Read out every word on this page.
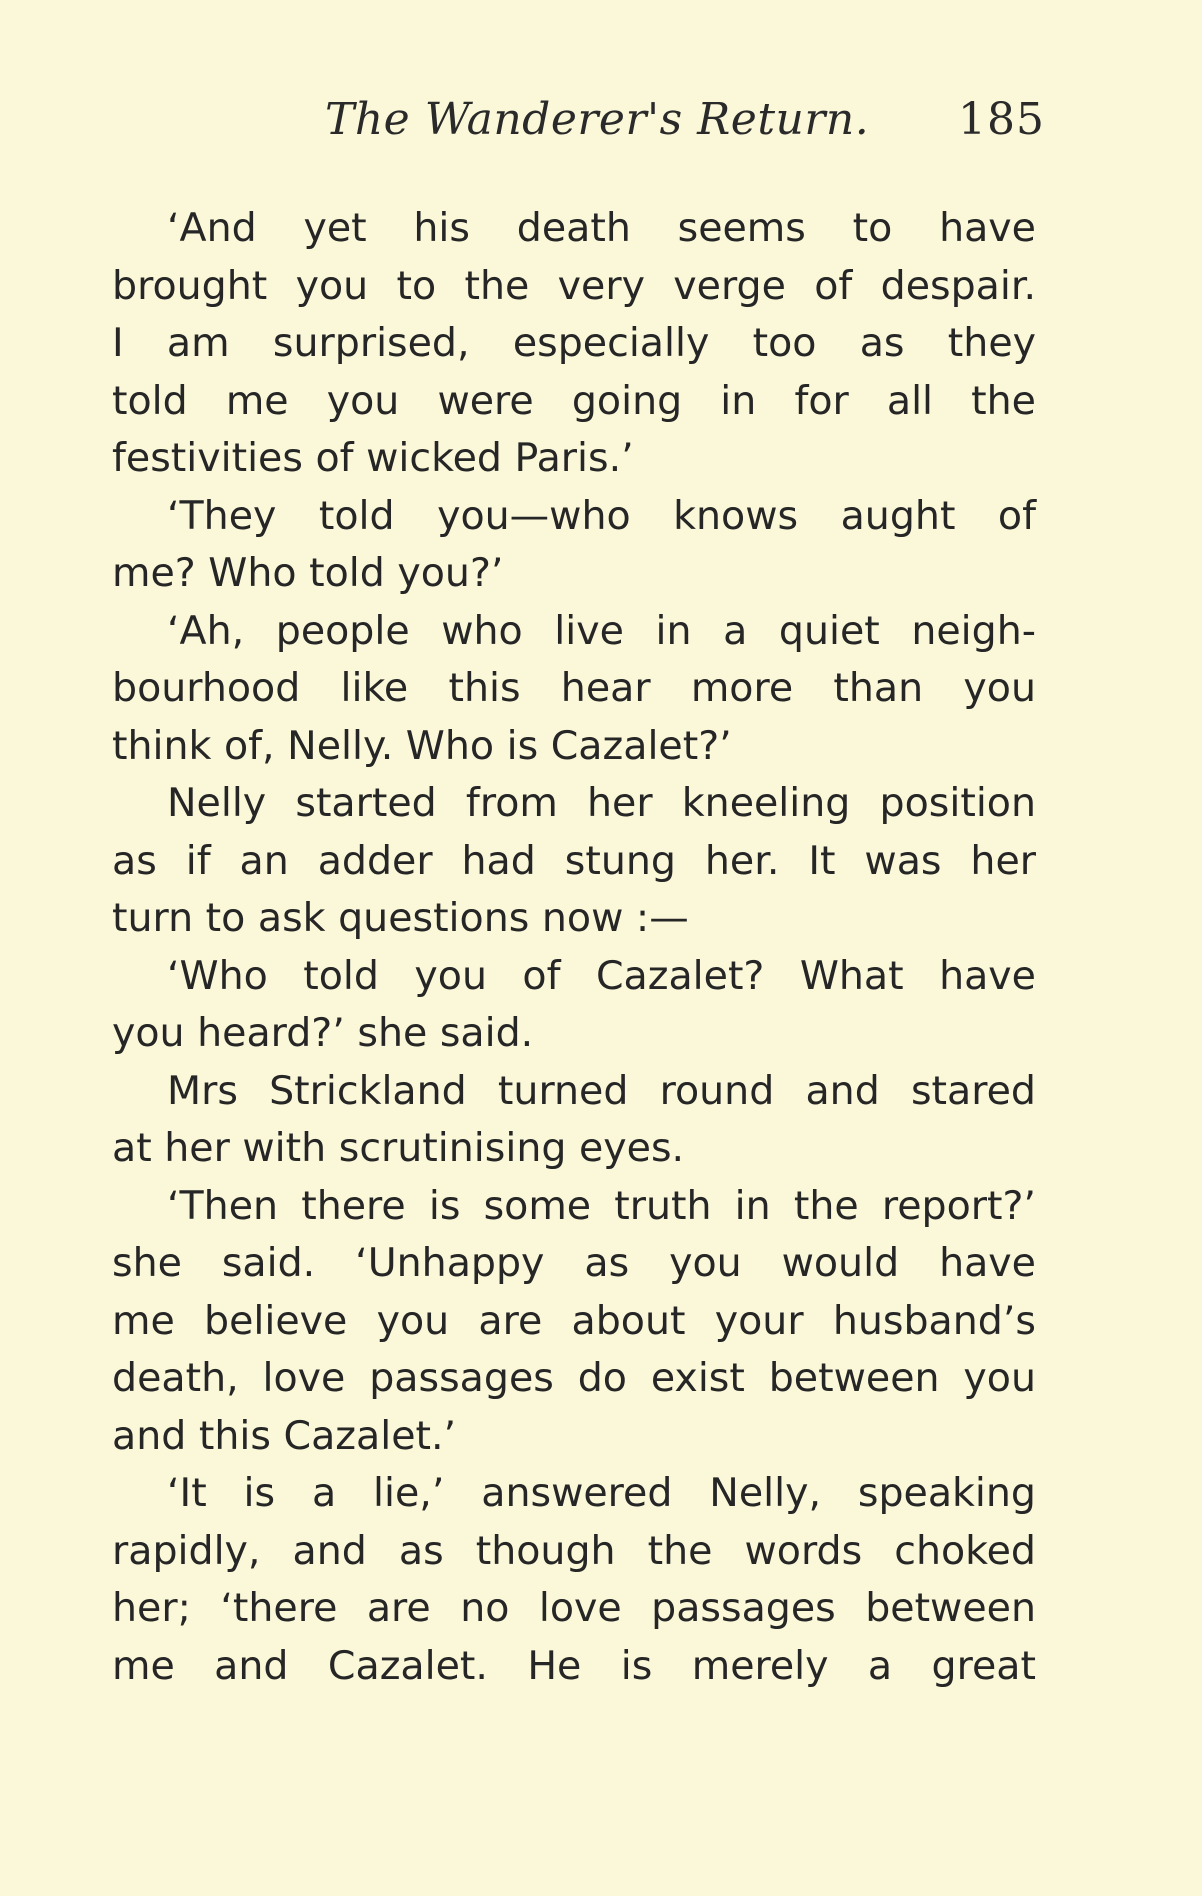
The Wanderer's Return. 185
‘And yet his death seems to have
brought you to the very verge of despair.
I am surprised, especially too as they
told me you were going in for all the
festivities of wicked Paris.’
‘They told you—who knows aught of
me? Who told you?’
‘Ah, people who live in a quiet neigh-
bourhood like this hear more than you
think of, Nelly. Who is Cazalet?’
Nelly started from her kneeling position
as if an adder had stung her. It was her
turn to ask questions now :—
‘Who told you of Cazalet? What have
you heard?’ she said.
Mrs Strickland turned round and stared
at her with scrutinising eyes.
‘Then there is some truth in the report?’
she said. ‘Unhappy as you would have
me believe you are about your husband’s
death, love passages do exist between you
and this Cazalet.’
‘It is a lie,’ answered Nelly, speaking
rapidly, and as though the words choked
her; ‘there are no love passages between
me and Cazalet. He is merely a great
